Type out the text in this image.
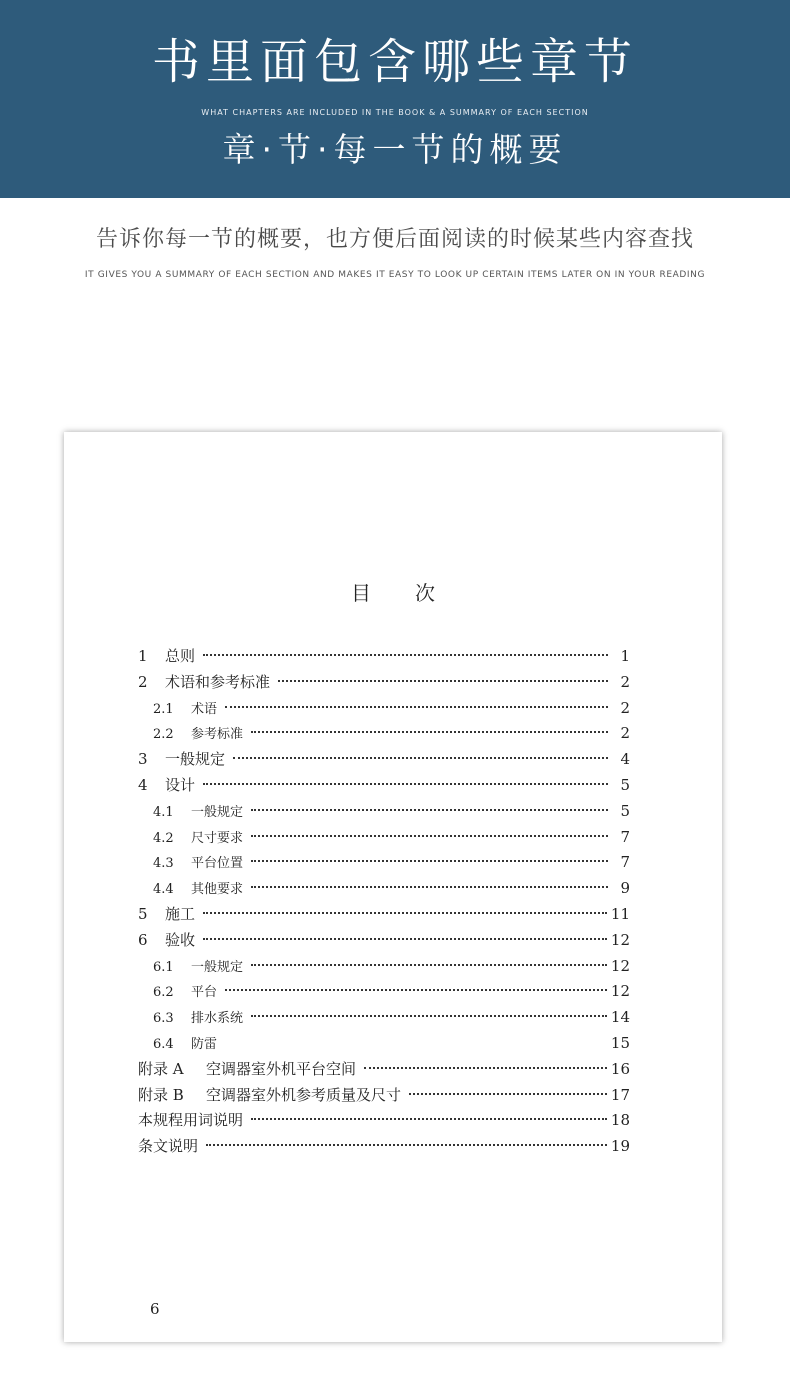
书里面包含哪些章节
WHAT CHAPTERS ARE INCLUDED IN THE BOOK & A SUMMARY OF EACH SECTION
章·节·每一节的概要
告诉你每一节的概要，也方便后面阅读的时候某些内容查找
IT GIVES YOU A SUMMARY OF EACH SECTION AND MAKES IT EASY TO LOOK UP CERTAIN ITEMS LATER ON IN YOUR READING
目次
1	总则	1
2	术语和参考标准	2
2.1	术语	2
2.2	参考标准	2
3	一般规定	4
4	设计	5
4.1	一般规定	5
4.2	尺寸要求	7
4.3	平台位置	7
4.4	其他要求	9
5	施工	11
6	验收	12
6.1	一般规定	12
6.2	平台	12
6.3	排水系统	14
6.4	防雷	15
附录 A	空调器室外机平台空间	16
附录 B	空调器室外机参考质量及尺寸	17
本规程用词说明	18
条文说明	19
6
